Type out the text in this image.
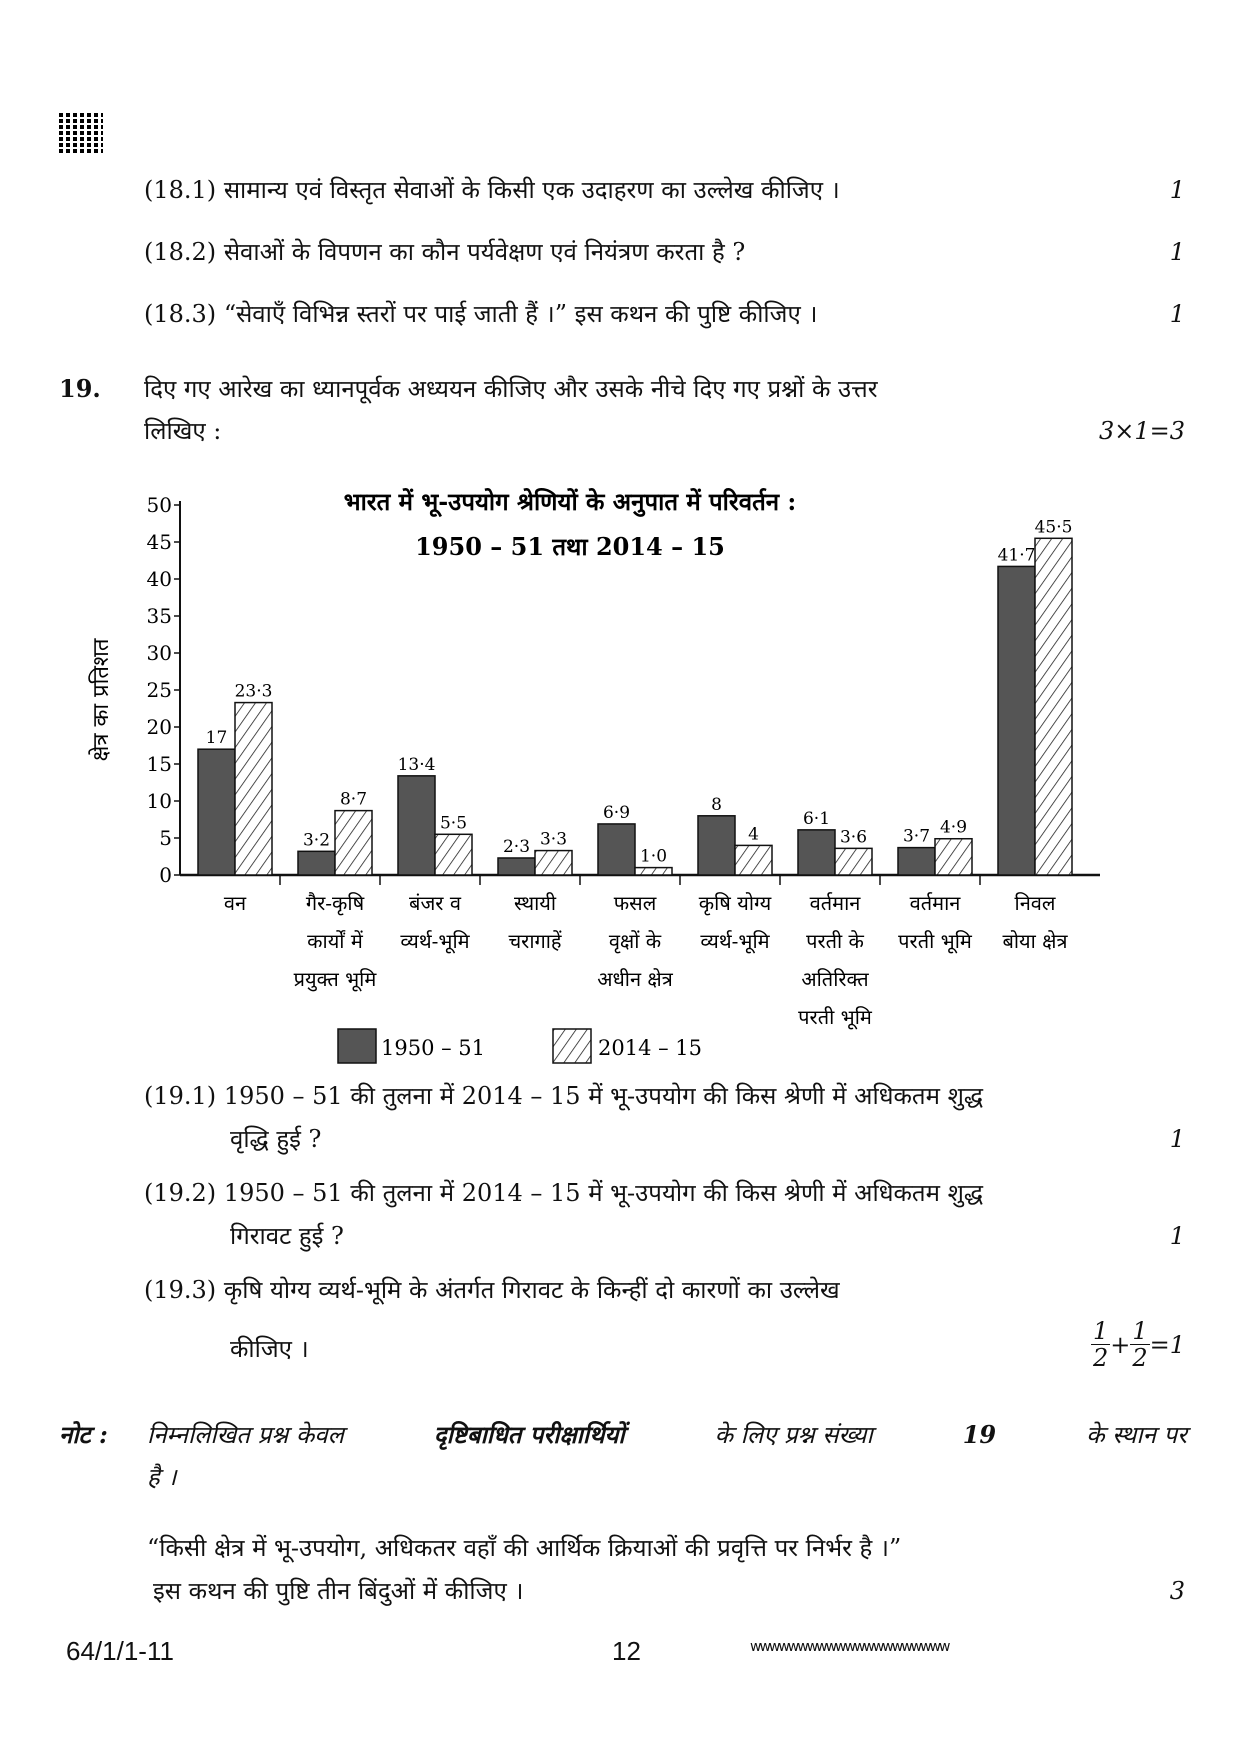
(18.1) सामान्य एवं विस्तृत सेवाओं के किसी एक उदाहरण का उल्लेख कीजिए ।	1
(18.2) सेवाओं के विपणन का कौन पर्यवेक्षण एवं नियंत्रण करता है ?	1
(18.3) “सेवाएँ विभिन्न स्तरों पर पाई जाती हैं ।” इस कथन की पुष्टि कीजिए ।	1
19. दिए गए आरेख का ध्यानपूर्वक अध्ययन कीजिए और उसके नीचे दिए गए प्रश्नों के उत्तर
लिखिए :	3×1=3
भारत में भू-उपयोग श्रेणियों के अनुपात में परिवर्तन :
1950 – 51 तथा 2014 – 15
क्षेत्र का प्रतिशत
0
5
10
15
20
25
30
35
40
45
50
17
23·3
वन
3·2
8·7
गैर-कृषि
कार्यों में
प्रयुक्त भूमि
13·4
5·5
बंजर व
व्यर्थ-भूमि
2·3 3·3
स्थायी
चरागाहें
6·9
1·0
फसल
वृक्षों के
अधीन क्षेत्र
8
4
कृषि योग्य
व्यर्थ-भूमि
6·1
3·6
वर्तमान
परती के
अतिरिक्त
परती भूमि
3·7 4·9
वर्तमान
परती भूमि
41·7
45·5
निवल
बोया क्षेत्र
1950 – 51	2014 – 15
(19.1) 1950 – 51 की तुलना में 2014 – 15 में भू-उपयोग की किस श्रेणी में अधिकतम शुद्ध
वृद्धि हुई ?	1
(19.2) 1950 – 51 की तुलना में 2014 – 15 में भू-उपयोग की किस श्रेणी में अधिकतम शुद्ध
गिरावट हुई ?	1
(19.3) कृषि योग्य व्यर्थ-भूमि के अंतर्गत गिरावट के किन्हीं दो कारणों का उल्लेख
कीजिए ।	$\frac{1}{2} + \frac{1}{2} =1$
नोट : निम्नलिखित प्रश्न केवल	दृष्टिबाधित परीक्षार्थियों	के लिए प्रश्न संख्या	19	के स्थान पर
है ।
“किसी क्षेत्र में भू-उपयोग, अधिकतर वहाँ की आर्थिक क्रियाओं की प्रवृत्ति पर निर्भर है ।”
इस कथन की पुष्टि तीन बिंदुओं में कीजिए ।	3
64/1/1-11	12	wwwwwwwwwwwwwwwwwwwww
